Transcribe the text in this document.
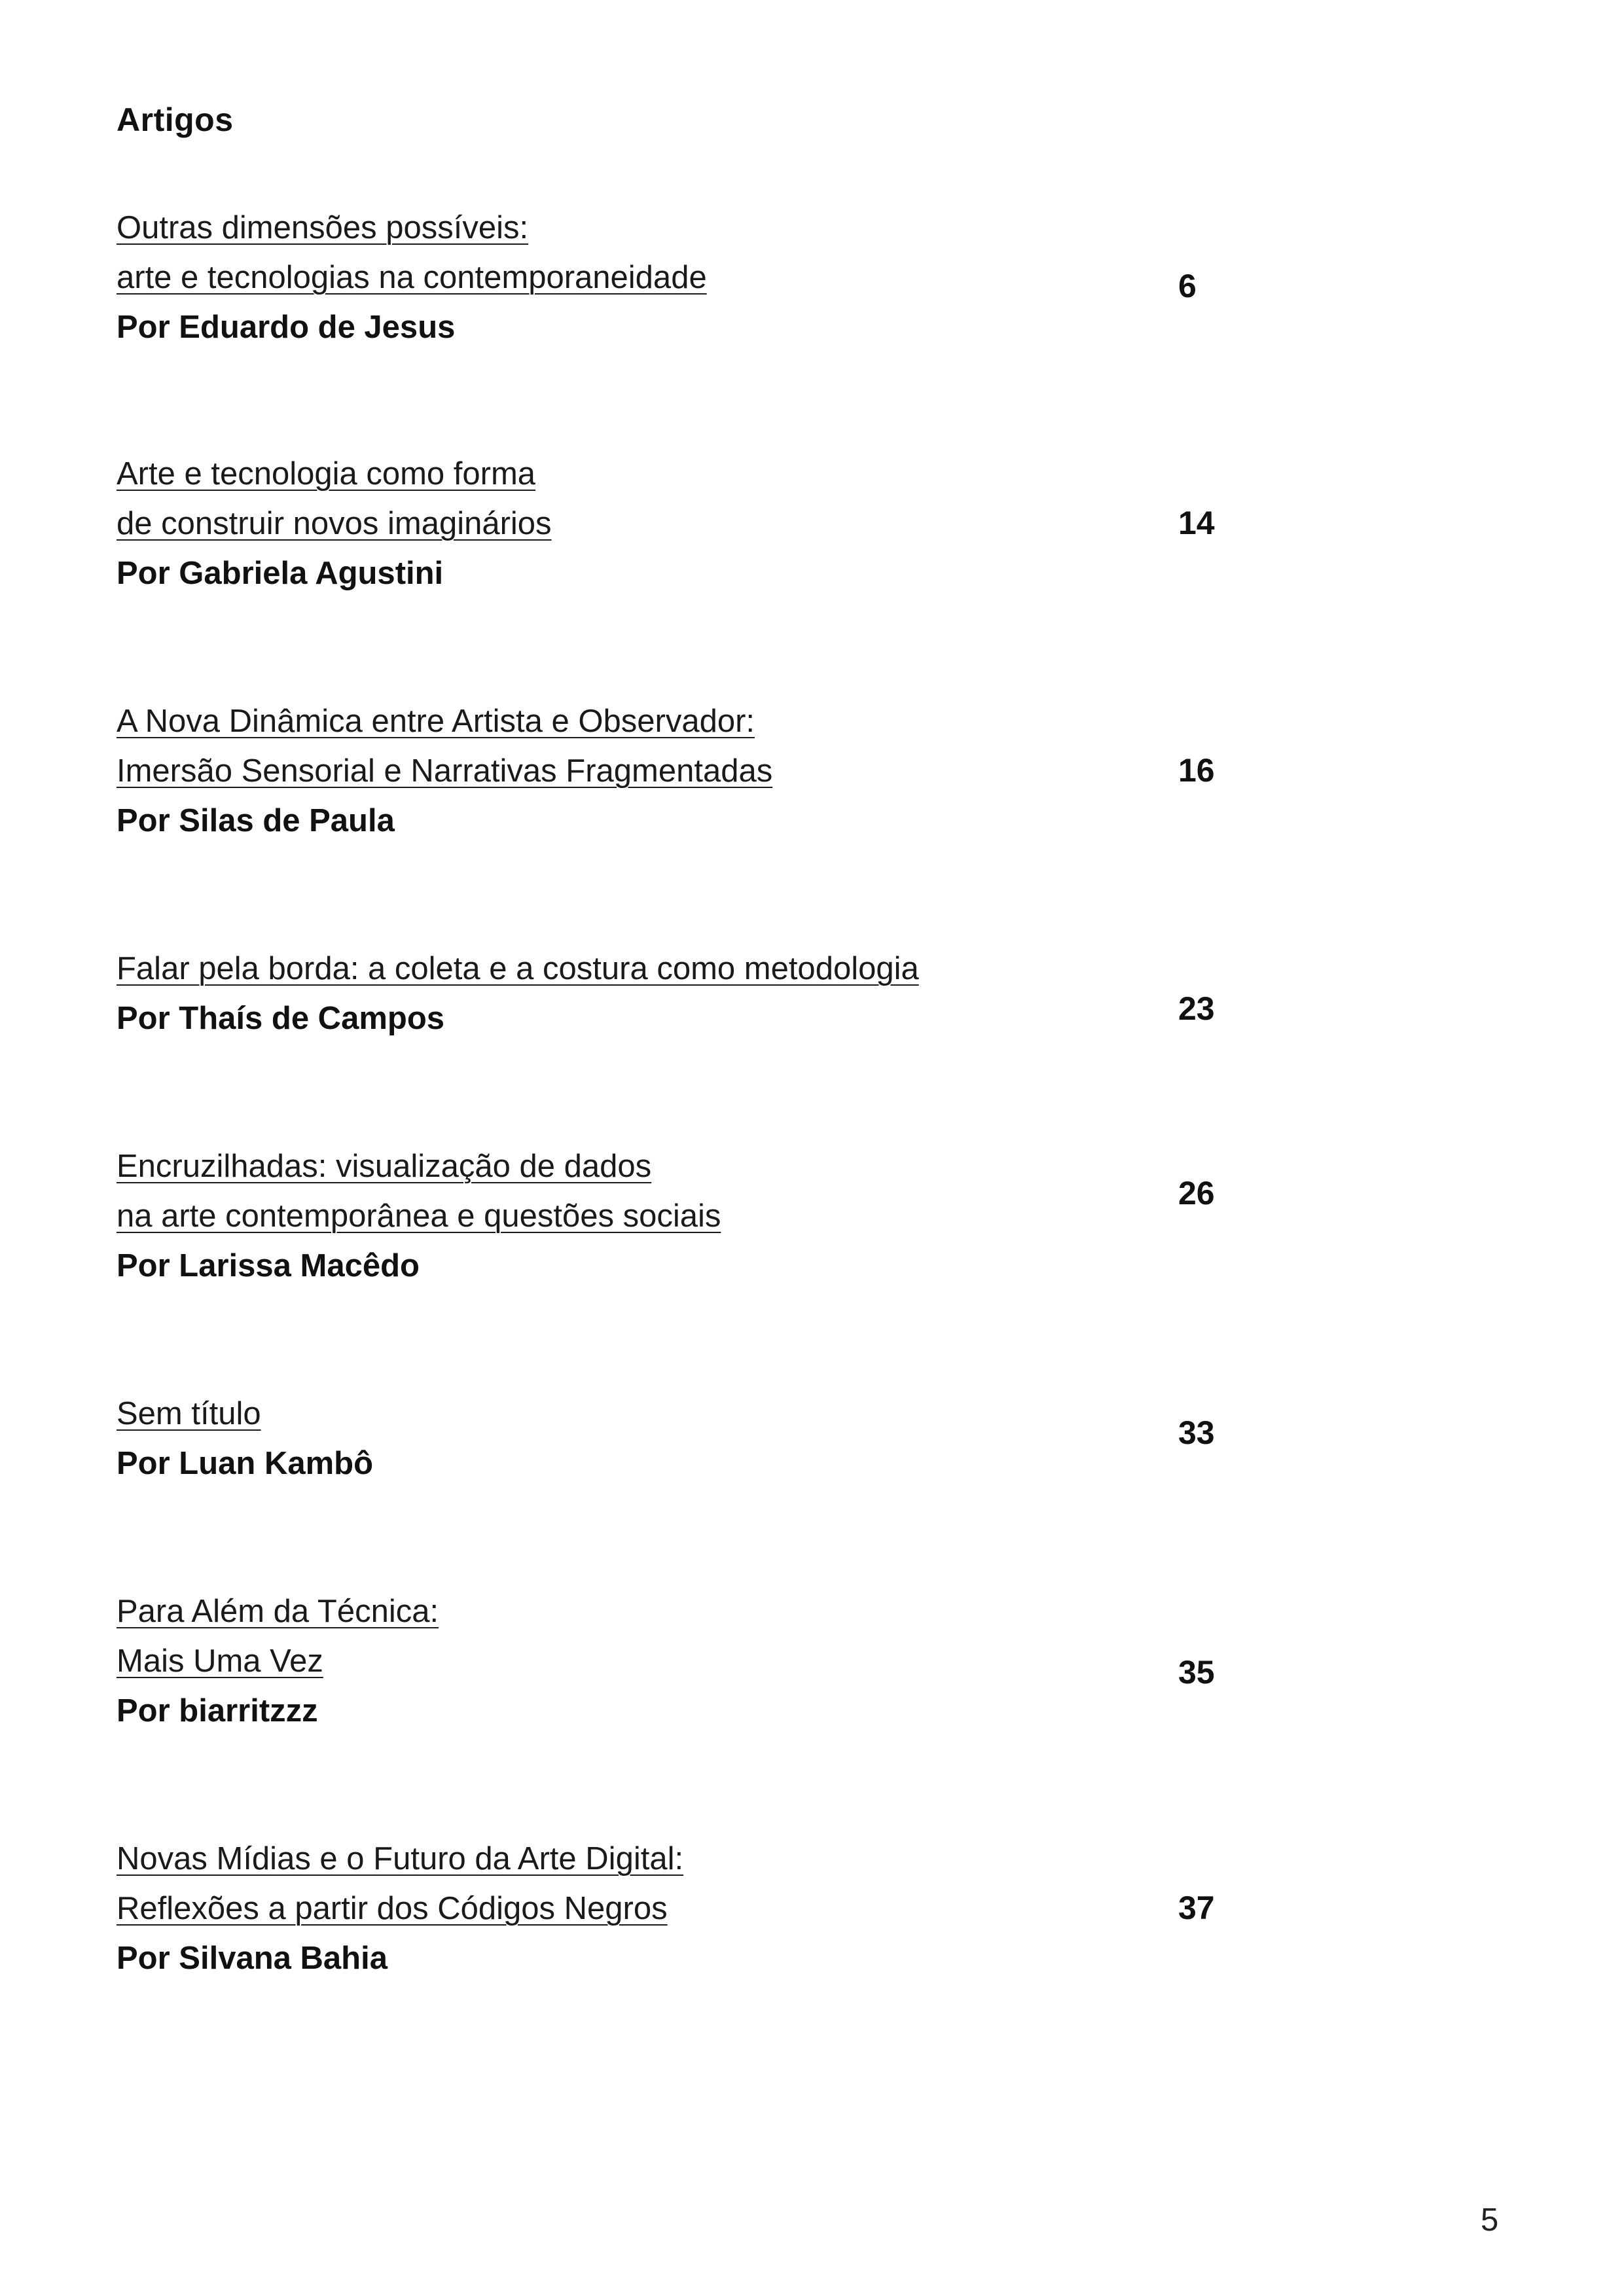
Artigos
Outras dimensões possíveis:
arte e tecnologias na contemporaneidade
Por Eduardo de Jesus
6
Arte e tecnologia como forma
de construir novos imaginários
Por Gabriela Agustini
14
A Nova Dinâmica entre Artista e Observador:
Imersão Sensorial e Narrativas Fragmentadas
Por Silas de Paula
16
Falar pela borda: a coleta e a costura como metodologia
Por Thaís de Campos	23
Encruzilhadas: visualização de dados
na arte contemporânea e questões sociais
Por Larissa Macêdo
26
Sem título
Por Luan Kambô
33
Para Além da Técnica:
Mais Uma Vez
Por biarritzzz
35
Novas Mídias e o Futuro da Arte Digital:
Reflexões a partir dos Códigos Negros
Por Silvana Bahia
37
5
